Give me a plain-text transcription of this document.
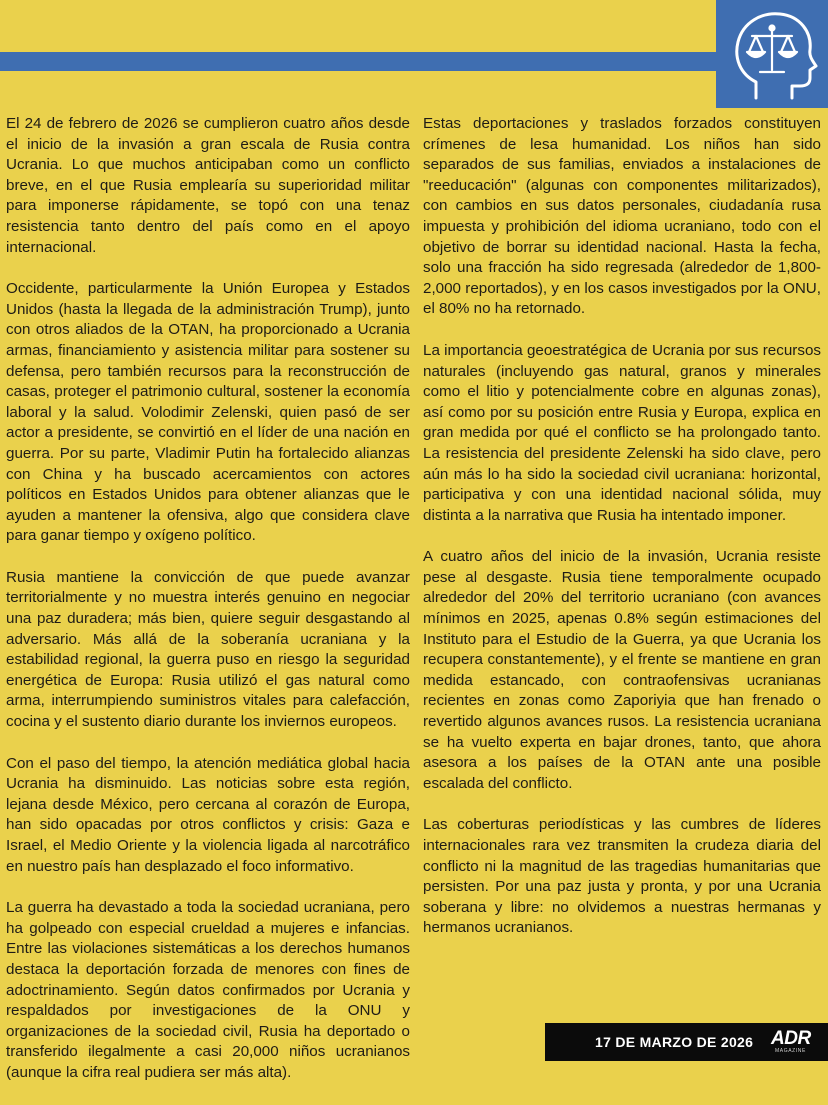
El 24 de febrero de 2026 se cumplieron cuatro años desde el inicio de la invasión a gran escala de Rusia contra Ucrania. Lo que muchos anticipaban como un conflicto breve, en el que Rusia emplearía su superioridad militar para imponerse rápidamente, se topó con una tenaz resistencia tanto dentro del país como en el apoyo internacional.

Occidente, particularmente la Unión Europea y Estados Unidos (hasta la llegada de la administración Trump), junto con otros aliados de la OTAN, ha proporcionado a Ucrania armas, financiamiento y asistencia militar para sostener su defensa, pero también recursos para la reconstrucción de casas, proteger el patrimonio cultural, sostener la economía laboral y la salud. Volodimir Zelenski, quien pasó de ser actor a presidente, se convirtió en el líder de una nación en guerra. Por su parte, Vladimir Putin ha fortalecido alianzas con China y ha buscado acercamientos con actores políticos en Estados Unidos para obtener alianzas que le ayuden a mantener la ofensiva, algo que considera clave para ganar tiempo y oxígeno político.

Rusia mantiene la convicción de que puede avanzar territorialmente y no muestra interés genuino en negociar una paz duradera; más bien, quiere seguir desgastando al adversario. Más allá de la soberanía ucraniana y la estabilidad regional, la guerra puso en riesgo la seguridad energética de Europa: Rusia utilizó el gas natural como arma, interrumpiendo suministros vitales para calefacción, cocina y el sustento diario durante los inviernos europeos.

Con el paso del tiempo, la atención mediática global hacia Ucrania ha disminuido. Las noticias sobre esta región, lejana desde México, pero cercana al corazón de Europa, han sido opacadas por otros conflictos y crisis: Gaza e Israel, el Medio Oriente y la violencia ligada al narcotráfico en nuestro país han desplazado el foco informativo.

La guerra ha devastado a toda la sociedad ucraniana, pero ha golpeado con especial crueldad a mujeres e infancias. Entre las violaciones sistemáticas a los derechos humanos destaca la deportación forzada de menores con fines de adoctrinamiento. Según datos confirmados por Ucrania y respaldados por investigaciones de la ONU y organizaciones de la sociedad civil, Rusia ha deportado o transferido ilegalmente a casi 20,000 niños ucranianos (aunque la cifra real pudiera ser más alta).

Estas deportaciones y traslados forzados constituyen crímenes de lesa humanidad. Los niños han sido separados de sus familias, enviados a instalaciones de "reeducación" (algunas con componentes militarizados), con cambios en sus datos personales, ciudadanía rusa impuesta y prohibición del idioma ucraniano, todo con el objetivo de borrar su identidad nacional. Hasta la fecha, solo una fracción ha sido regresada (alrededor de 1,800-2,000 reportados), y en los casos investigados por la ONU, el 80% no ha retornado.

La importancia geoestratégica de Ucrania por sus recursos naturales (incluyendo gas natural, granos y minerales como el litio y potencialmente cobre en algunas zonas), así como por su posición entre Rusia y Europa, explica en gran medida por qué el conflicto se ha prolongado tanto. La resistencia del presidente Zelenski ha sido clave, pero aún más lo ha sido la sociedad civil ucraniana: horizontal, participativa y con una identidad nacional sólida, muy distinta a la narrativa que Rusia ha intentado imponer.

A cuatro años del inicio de la invasión, Ucrania resiste pese al desgaste. Rusia tiene temporalmente ocupado alrededor del 20% del territorio ucraniano (con avances mínimos en 2025, apenas 0.8% según estimaciones del Instituto para el Estudio de la Guerra, ya que Ucrania los recupera constantemente), y el frente se mantiene en gran medida estancado, con contraofensivas ucranianas recientes en zonas como Zaporiyia que han frenado o revertido algunos avances rusos. La resistencia ucraniana se ha vuelto experta en bajar drones, tanto, que ahora asesora a los países de la OTAN ante una posible escalada del conflicto.

Las coberturas periodísticas y las cumbres de líderes internacionales rara vez transmiten la crudeza diaria del conflicto ni la magnitud de las tragedias humanitarias que persisten. Por una paz justa y pronta, y por una Ucrania soberana y libre: no olvidemos a nuestras hermanas y hermanos ucranianos.

17 DE MARZO DE 2026 ADR
MAGAZINE
